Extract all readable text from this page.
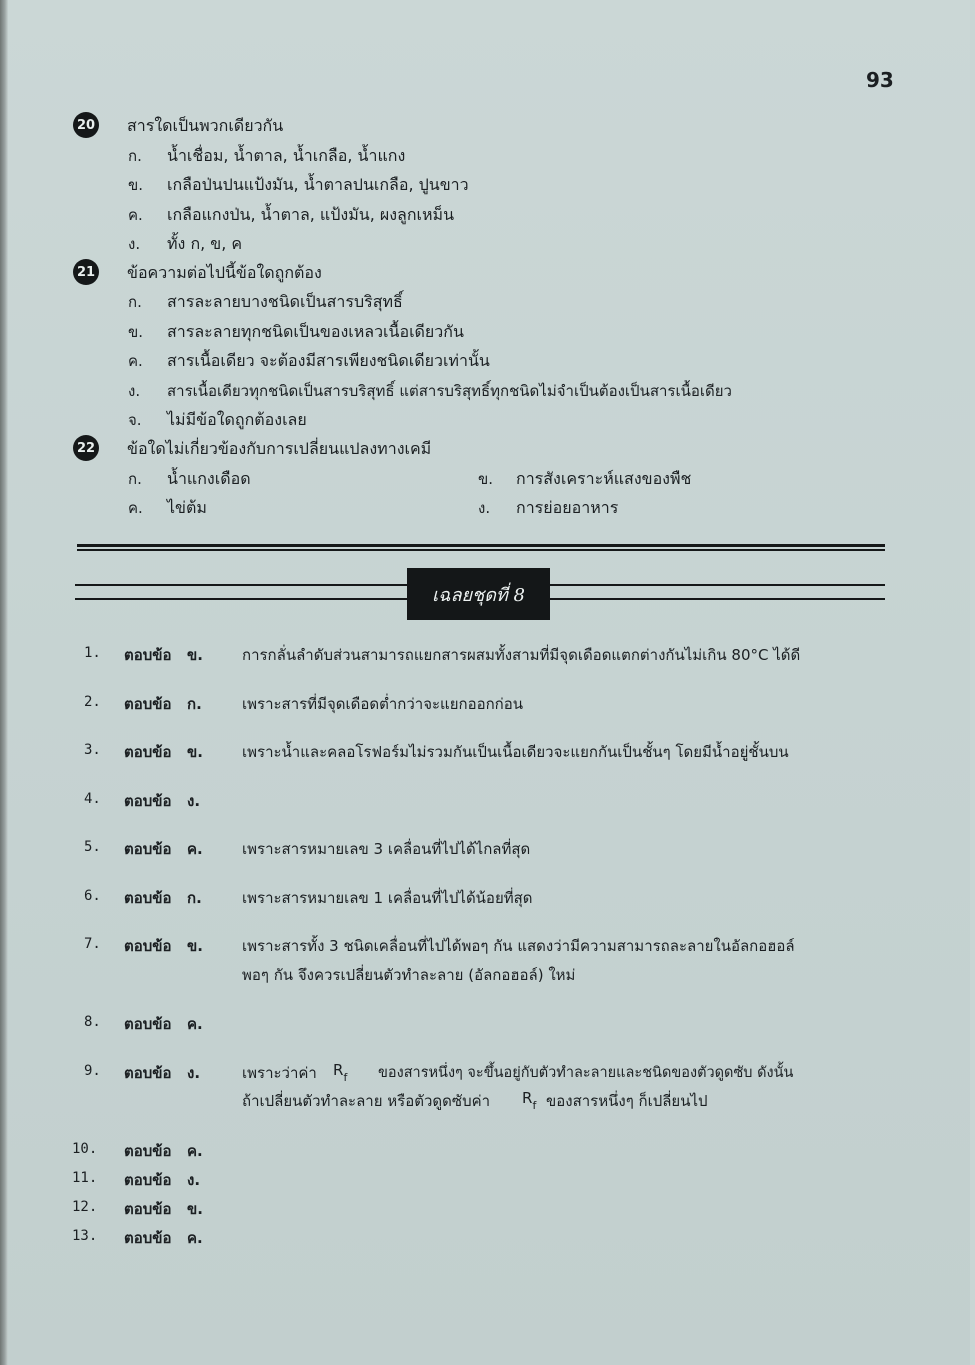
93
20 สารใดเป็นพวกเดียวกัน
ก. น้ำเชื่อม, น้ำตาล, น้ำเกลือ, น้ำแกง
ข. เกลือป่นปนแป้งมัน, น้ำตาลปนเกลือ, ปูนขาว
ค. เกลือแกงป่น, น้ำตาล, แป้งมัน, ผงลูกเหม็น
ง. ทั้ง ก, ข, ค
21 ข้อความต่อไปนี้ข้อใดถูกต้อง
ก. สารละลายบางชนิดเป็นสารบริสุทธิ์
ข. สารละลายทุกชนิดเป็นของเหลวเนื้อเดียวกัน
ค. สารเนื้อเดียว จะต้องมีสารเพียงชนิดเดียวเท่านั้น
ง. สารเนื้อเดียวทุกชนิดเป็นสารบริสุทธิ์ แต่สารบริสุทธิ์ทุกชนิดไม่จำเป็นต้องเป็นสารเนื้อเดียว
จ. ไม่มีข้อใดถูกต้องเลย
22 ข้อใดไม่เกี่ยวข้องกับการเปลี่ยนแปลงทางเคมี
ก. น้ำแกงเดือด	ข. การสังเคราะห์แสงของพืช
ค. ไข่ต้ม	ง. การย่อยอาหาร
เฉลยชุดที่ 8
1. ตอบข้อ ข.	การกลั่นลำดับส่วนสามารถแยกสารผสมทั้งสามที่มีจุดเดือดแตกต่างกันไม่เกิน 80°C ได้ดี
2. ตอบข้อ ก.	เพราะสารที่มีจุดเดือดต่ำกว่าจะแยกออกก่อน
3. ตอบข้อ ข.	เพราะน้ำและคลอโรฟอร์มไม่รวมกันเป็นเนื้อเดียวจะแยกกันเป็นชั้นๆ โดยมีน้ำอยู่ชั้นบน
4. ตอบข้อ ง.
5. ตอบข้อ ค.	เพราะสารหมายเลข 3 เคลื่อนที่ไปได้ไกลที่สุด
6. ตอบข้อ ก.	เพราะสารหมายเลข 1 เคลื่อนที่ไปได้น้อยที่สุด
7. ตอบข้อ ข.	เพราะสารทั้ง 3 ชนิดเคลื่อนที่ไปได้พอๆ กัน แสดงว่ามีความสามารถละลายในอัลกอฮอล์
พอๆ กัน จึงควรเปลี่ยนตัวทำละลาย (อัลกอฮอล์) ใหม่
8. ตอบข้อ ค.
9. ตอบข้อ ง.	เพราะว่าค่า $R_f$ ของสารหนึ่งๆ จะขึ้นอยู่กับตัวทำละลายและชนิดของตัวดูดซับ ดังนั้น
ถ้าเปลี่ยนตัวทำละลาย หรือตัวดูดซับค่า $R_f$ ของสารหนึ่งๆ ก็เปลี่ยนไป
10. ตอบข้อ ค.
11. ตอบข้อ ง.
12. ตอบข้อ ข.
13. ตอบข้อ ค.
